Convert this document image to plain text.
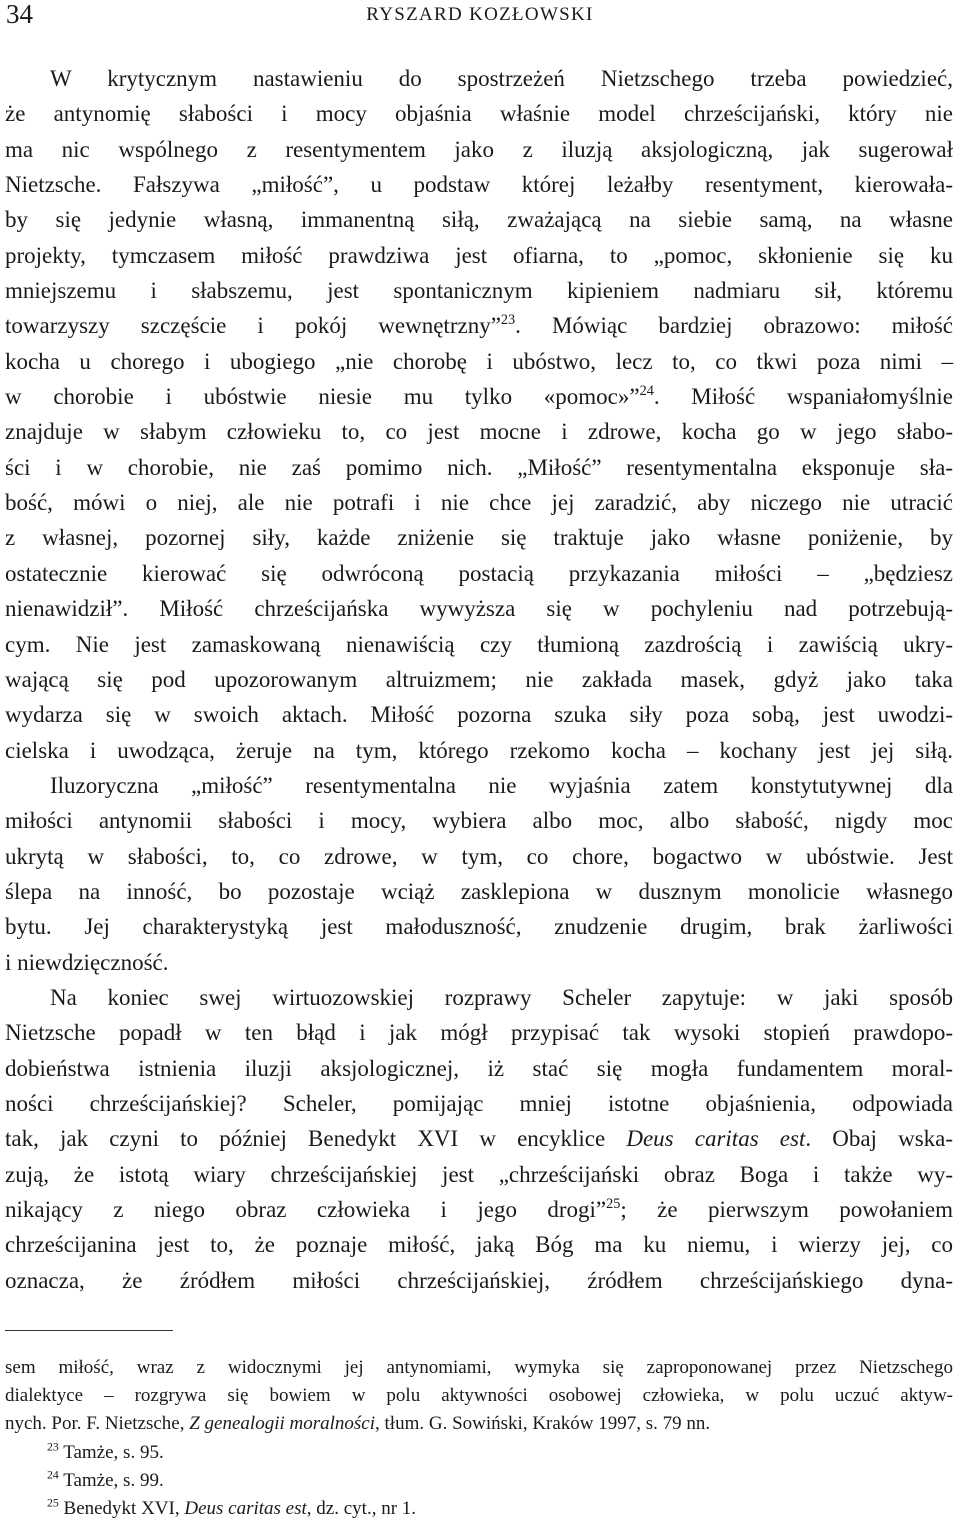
34	RYSZARD KOZŁOWSKI
W krytycznym nastawieniu do spostrzeżeń Nietzschego trzeba powiedzieć,
że antynomię słabości i mocy objaśnia właśnie model chrześcijański, który nie
ma nic wspólnego z resentymentem jako z iluzją aksjologiczną, jak sugerował
Nietzsche. Fałszywa „miłość”, u podstaw której leżałby resentyment, kierowała-
by się jedynie własną, immanentną siłą, zważającą na siebie samą, na własne
projekty, tymczasem miłość prawdziwa jest ofiarna, to „pomoc, skłonienie się ku
mniejszemu i słabszemu, jest spontanicznym kipieniem nadmiaru sił, któremu
towarzyszy szczęście i pokój wewnętrzny”$^{23}$. Mówiąc bardziej obrazowo: miłość
kocha u chorego i ubogiego „nie chorobę i ubóstwo, lecz to, co tkwi poza nimi –
w chorobie i ubóstwie niesie mu tylko «pomoc»”$^{24}$. Miłość wspaniałomyślnie
znajduje w słabym człowieku to, co jest mocne i zdrowe, kocha go w jego słabo-
ści i w chorobie, nie zaś pomimo nich. „Miłość” resentymentalna eksponuje sła-
bość, mówi o niej, ale nie potrafi i nie chce jej zaradzić, aby niczego nie utracić
z własnej, pozornej siły, każde zniżenie się traktuje jako własne poniżenie, by
ostatecznie kierować się odwróconą postacią przykazania miłości – „będziesz
nienawidził”. Miłość chrześcijańska wywyższa się w pochyleniu nad potrzebują-
cym. Nie jest zamaskowaną nienawiścią czy tłumioną zazdrością i zawiścią ukry-
wającą się pod upozorowanym altruizmem; nie zakłada masek, gdyż jako taka
wydarza się w swoich aktach. Miłość pozorna szuka siły poza sobą, jest uwodzi-
cielska i uwodząca, żeruje na tym, którego rzekomo kocha – kochany jest jej siłą.
Iluzoryczna „miłość” resentymentalna nie wyjaśnia zatem konstytutywnej dla
miłości antynomii słabości i mocy, wybiera albo moc, albo słabość, nigdy moc
ukrytą w słabości, to, co zdrowe, w tym, co chore, bogactwo w ubóstwie. Jest
ślepa na inność, bo pozostaje wciąż zasklepiona w dusznym monolicie własnego
bytu. Jej charakterystyką jest małoduszność, znudzenie drugim, brak żarliwości
i niewdzięczność.
Na koniec swej wirtuozowskiej rozprawy Scheler zapytuje: w jaki sposób
Nietzsche popadł w ten błąd i jak mógł przypisać tak wysoki stopień prawdopo-
dobieństwa istnienia iluzji aksjologicznej, iż stać się mogła fundamentem moral-
ności chrześcijańskiej? Scheler, pomijając mniej istotne objaśnienia, odpowiada
tak, jak czyni to później Benedykt XVI w encyklice Deus caritas est. Obaj wska-
zują, że istotą wiary chrześcijańskiej jest „chrześcijański obraz Boga i także wy-
nikający z niego obraz człowieka i jego drogi”$^{25}$; że pierwszym powołaniem
chrześcijanina jest to, że poznaje miłość, jaką Bóg ma ku niemu, i wierzy jej, co
oznacza, że źródłem miłości chrześcijańskiej, źródłem chrześcijańskiego dyna-
sem miłość, wraz z widocznymi jej antynomiami, wymyka się zaproponowanej przez Nietzschego
dialektyce – rozgrywa się bowiem w polu aktywności osobowej człowieka, w polu uczuć aktyw-
nych. Por. F. Nietzsche, Z genealogii moralności, tłum. G. Sowiński, Kraków 1997, s. 79 nn.
$^{23}$ Tamże, s. 95.
$^{24}$ Tamże, s. 99.
$^{25}$ Benedykt XVI, Deus caritas est, dz. cyt., nr 1.
